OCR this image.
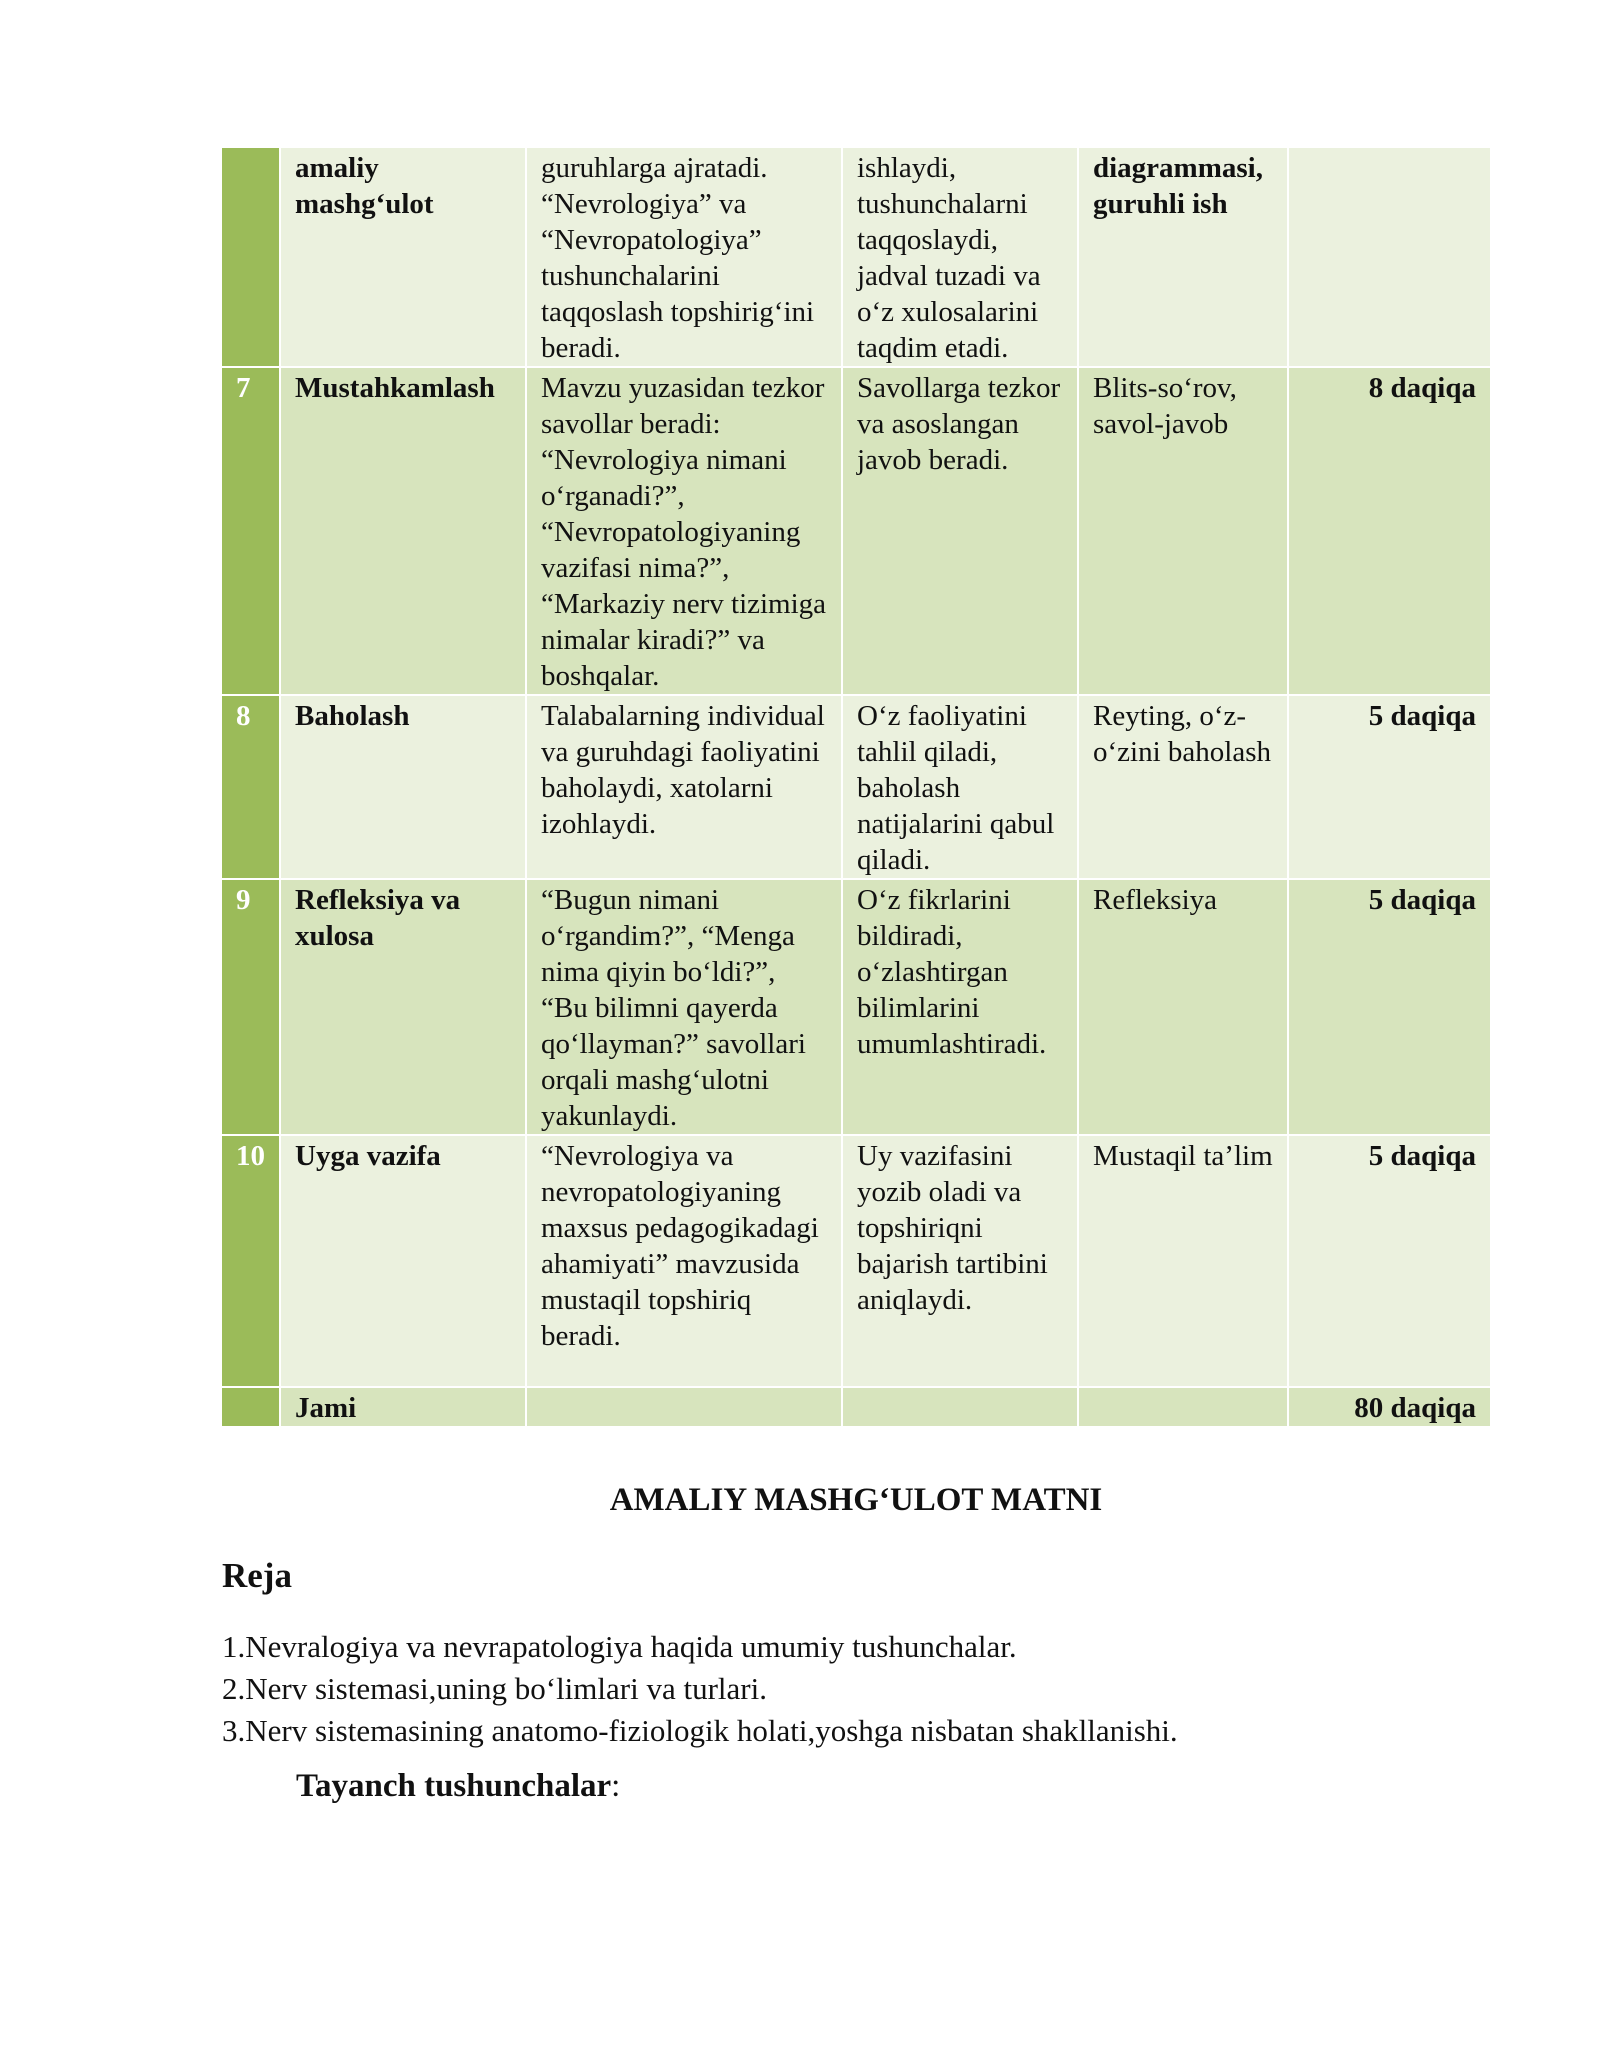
	amaliy mashg‘ulot	guruhlarga ajratadi. “Nevrologiya” va “Nevropatologiya” tushunchalarini taqqoslash topshirig‘ini beradi.	ishlaydi, tushunchalarni taqqoslaydi, jadval tuzadi va o‘z xulosalarini taqdim etadi.	diagrammasi, guruhli ish	
7	Mustahkamlash	Mavzu yuzasidan tezkor savollar beradi: “Nevrologiya nimani o‘rganadi?”, “Nevropatologiyaning vazifasi nima?”, “Markaziy nerv tizimiga nimalar kiradi?” va boshqalar.	Savollarga tezkor va asoslangan javob beradi.	Blits-so‘rov, savol-javob	8 daqiqa
8	Baholash	Talabalarning individual va guruhdagi faoliyatini baholaydi, xatolarni izohlaydi.	O‘z faoliyatini tahlil qiladi, baholash natijalarini qabul qiladi.	Reyting, o‘z-o‘zini baholash	5 daqiqa
9	Refleksiya va xulosa	“Bugun nimani o‘rgandim?”, “Menga nima qiyin bo‘ldi?”, “Bu bilimni qayerda qo‘llayman?” savollari orqali mashg‘ulotni yakunlaydi.	O‘z fikrlarini bildiradi, o‘zlashtirgan bilimlarini umumlashtiradi.	Refleksiya	5 daqiqa
10	Uyga vazifa	“Nevrologiya va nevropatologiyaning maxsus pedagogikadagi ahamiyati” mavzusida mustaqil topshiriq beradi.	Uy vazifasini yozib oladi va topshiriqni bajarish tartibini aniqlaydi.	Mustaqil ta’lim	5 daqiqa
	Jami				80 daqiqa
AMALIY MASHG‘ULOT MATNI
Reja
1.Nevralogiya va nevrapatologiya haqida umumiy tushunchalar.
2.Nerv sistemasi,uning bo‘limlari va turlari.
3.Nerv sistemasining anatomo-fiziologik holati,yoshga nisbatan shakllanishi.
Tayanch tushunchalar:
